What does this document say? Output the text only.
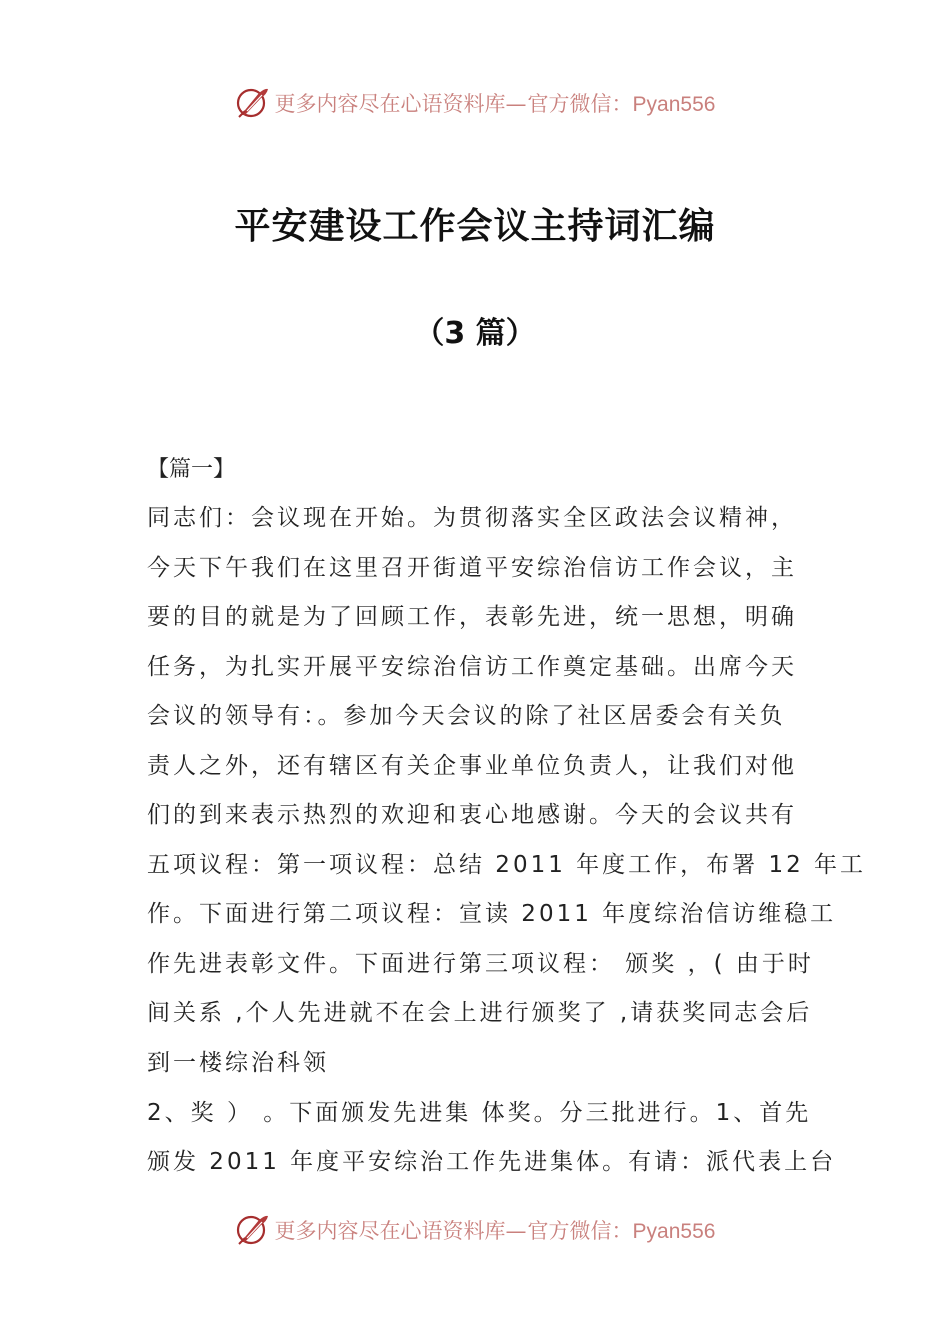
更多内容尽在心语资料库—官方微信：Pyan556
平安建设工作会议主持词汇编
（3 篇）
【篇一】
同志们：会议现在开始。为贯彻落实全区政法会议精神，
今天下午我们在这里召开街道平安综治信访工作会议，主
要的目的就是为了回顾工作，表彰先进，统一思想，明确
任务，为扎实开展平安综治信访工作奠定基础。出席今天
会议的领导有：。参加今天会议的除了社区居委会有关负
责人之外，还有辖区有关企事业单位负责人，让我们对他
们的到来表示热烈的欢迎和衷心地感谢。今天的会议共有
五项议程：第一项议程：总结 2011 年度工作，布署 12 年工
作。下面进行第二项议程：宣读 2011 年度综治信访维稳工
作先进表彰文件。下面进行第三项议程： 颁奖 ，( 由于时
间关系 ,个人先进就不在会上进行颁奖了 ,请获奖同志会后
到一楼综治科领
2、奖 ） 。下面颁发先进集 体奖。分三批进行。1、首先
颁发 2011 年度平安综治工作先进集体。有请：派代表上台
更多内容尽在心语资料库—官方微信：Pyan556
